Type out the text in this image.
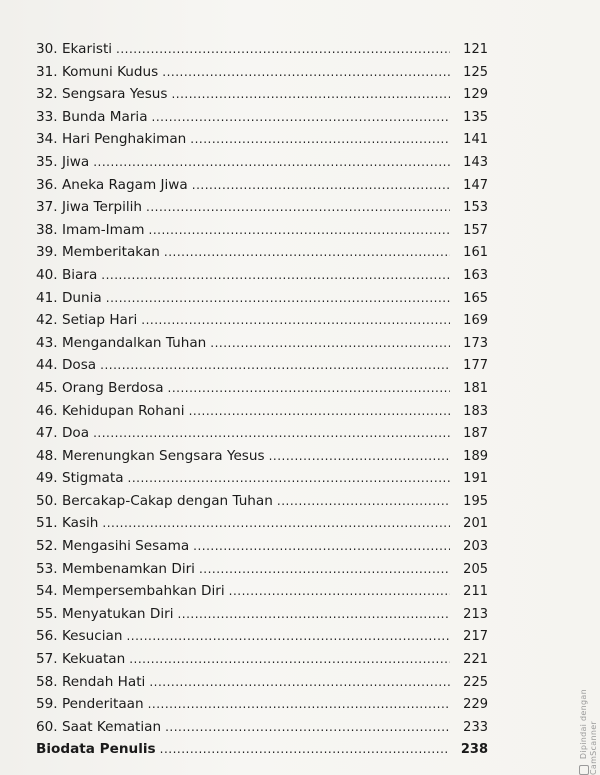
30. Ekaristi .....	121
31. Komuni Kudus .....	125
32. Sengsara Yesus .....	129
33. Bunda Maria .....	135
34. Hari Penghakiman .....	141
35. Jiwa .....	143
36. Aneka Ragam Jiwa .....	147
37. Jiwa Terpilih .....	153
38. Imam-Imam .....	157
39. Memberitakan .....	161
40. Biara .....	163
41. Dunia .....	165
42. Setiap Hari .....	169
43. Mengandalkan Tuhan .....	173
44. Dosa .....	177
45. Orang Berdosa .....	181
46. Kehidupan Rohani .....	183
47. Doa .....	187
48. Merenungkan Sengsara Yesus .....	189
49. Stigmata .....	191
50. Bercakap-Cakap dengan Tuhan .....	195
51. Kasih .....	201
52. Mengasihi Sesama .....	203
53. Membenamkan Diri .....	205
54. Mempersembahkan Diri .....	211
55. Menyatukan Diri .....	213
56. Kesucian .....	217
57. Kekuatan .....	221
58. Rendah Hati .....	225
59. Penderitaan .....	229
60. Saat Kematian .....	233
Biodata Penulis .....	238	Dipindai dengan CamScanner
